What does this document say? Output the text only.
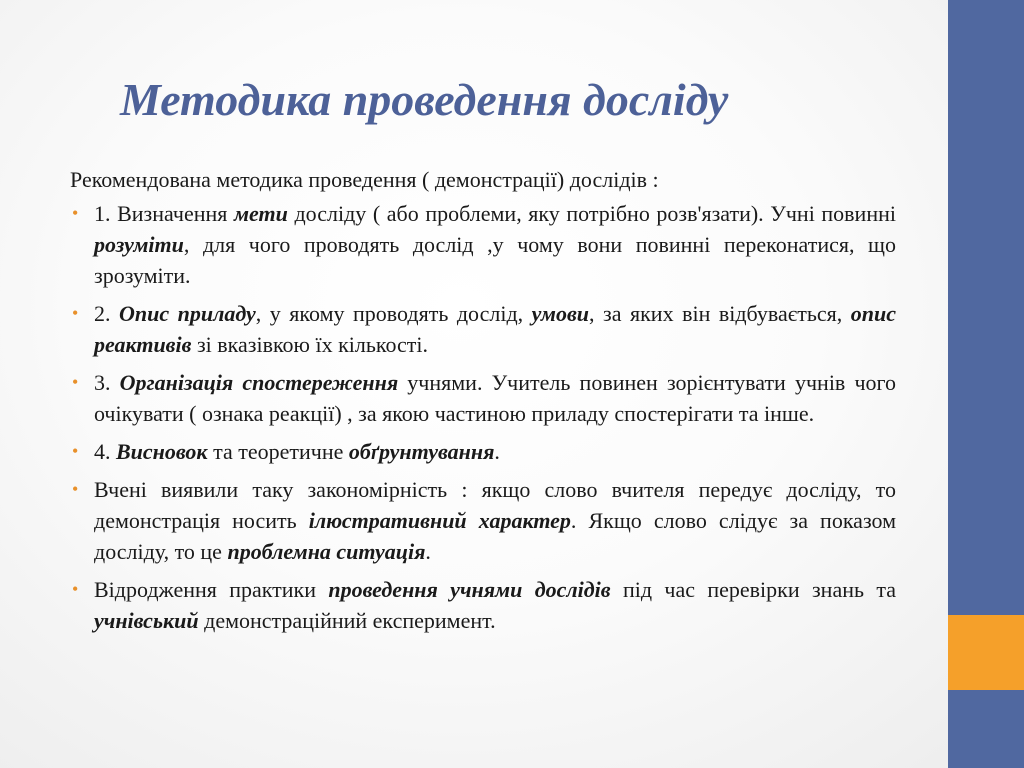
Методика проведення досліду

Рекомендована методика проведення ( демонстрації) дослідів :

• 1. Визначення мети досліду ( або проблеми, яку потрібно розв'язати). Учні повинні розуміти, для чого проводять дослід ,у чому вони повинні переконатися, що зрозуміти.
• 2. Опис приладу, у якому проводять дослід, умови, за яких він відбувається, опис реактивів зі вказівкою їх кількості.
• 3. Організація спостереження учнями. Учитель повинен зорієнтувати учнів чого очікувати ( ознака реакції) , за якою частиною приладу спостерігати та інше.
• 4. Висновок та теоретичне обґрунтування.
• Вчені виявили таку закономірність : якщо слово вчителя передує досліду, то демонстрація носить ілюстративний характер. Якщо слово слідує за показом досліду, то це проблемна ситуація.
• Відродження практики проведення учнями дослідів під час перевірки знань та учнівський демонстраційний експеримент.
